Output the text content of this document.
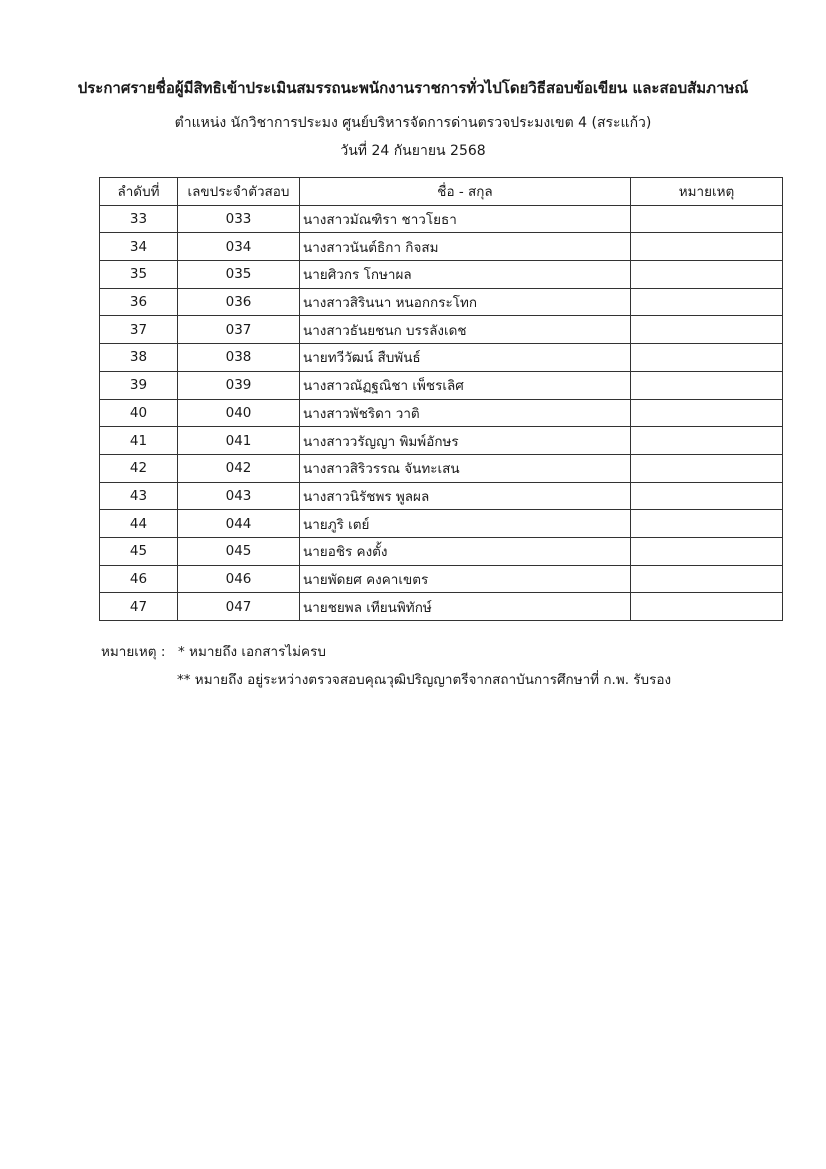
ประกาศรายชื่อผู้มีสิทธิเข้าประเมินสมรรถนะพนักงานราชการทั่วไปโดยวิธีสอบข้อเขียน และสอบสัมภาษณ์
ตำแหน่ง นักวิชาการประมง ศูนย์บริหารจัดการด่านตรวจประมงเขต 4 (สระแก้ว)
วันที่ 24 กันยายน 2568
ลำดับที่	เลขประจำตัวสอบ	ชื่อ - สกุล	หมายเหตุ
33	033	นางสาวมัณฑิรา ชาวโยธา	
34	034	นางสาวนันต์ธิกา กิจสม	
35	035	นายศิวกร โกษาผล	
36	036	นางสาวสิรินนา หนอกกระโทก	
37	037	นางสาวธันยชนก บรรลังเดช	
38	038	นายทวีวัฒน์ สืบพันธ์	
39	039	นางสาวณัฏฐณิชา เพ็ชรเลิศ	
40	040	นางสาวพัชริดา วาติ	
41	041	นางสาววรัญญา พิมพ์อักษร	
42	042	นางสาวสิริวรรณ จันทะเสน	
43	043	นางสาวนิรัชพร พูลผล	
44	044	นายภูริ เตย์	
45	045	นายอชิร คงตั้ง	
46	046	นายพัดยศ คงคาเขตร	
47	047	นายชยพล เทียนพิทักษ์	
หมายเหตุ : * หมายถึง เอกสารไม่ครบ
** หมายถึง อยู่ระหว่างตรวจสอบคุณวุฒิปริญญาตรีจากสถาบันการศึกษาที่ ก.พ. รับรอง
